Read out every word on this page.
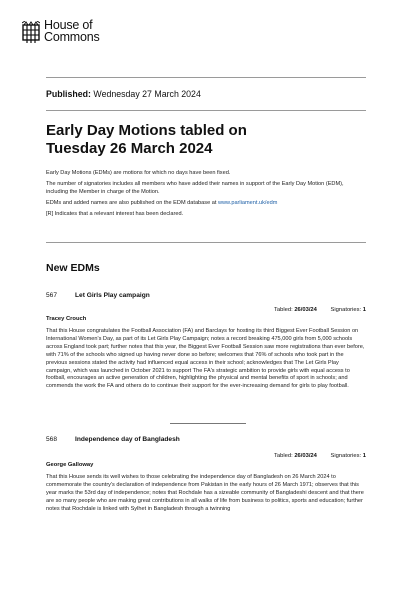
House of
Commons
Published: Wednesday 27 March 2024
Early Day Motions tabled on
Tuesday 26 March 2024

Early Day Motions (EDMs) are motions for which no days have been fixed.

The number of signatories includes all members who have added their names in support of the Early Day Motion (EDM), including the Member in charge of the Motion.

EDMs and added names are also published on the EDM database at www.parliament.uk/edm

[R] Indicates that a relevant interest has been declared.

New EDMs
567	Let Girls Play campaign
Tabled: 26/03/24 Signatories: 1
Tracey Crouch
That this House congratulates the Football Association (FA) and Barclays for hosting its third Biggest Ever Football Session on International Women's Day, as part of its Let Girls Play Campaign; notes a record breaking 475,000 girls from 5,000 schools across England took part; further notes that this year, the Biggest Ever Football Session saw more registrations than ever before, with 71% of the schools who signed up having never done so before; welcomes that 76% of schools who took part in the previous sessions stated the activity had influenced equal access in their school; acknowledges that The Let Girls Play campaign, which was launched in October 2021 to support The FA's strategic ambition to provide girls with equal access to football, encourages an active generation of children, highlighting the physical and mental benefits of sport in schools; and commends the work the FA and others do to continue their support for the ever-increasing demand for girls to play football.
568	Independence day of Bangladesh
Tabled: 26/03/24 Signatories: 1
George Galloway
That this House sends its well wishes to those celebrating the independence day of Bangladesh on 26 March 2024 to commemorate the country's declaration of independence from Pakistan in the early hours of 26 March 1971; observes that this year marks the 53rd day of independence; notes that Rochdale has a sizeable community of Bangladeshi descent and that there are so many people who are making great contributions in all walks of life from business to politics, sports and education; further notes that Rochdale is linked with Sylhet in Bangladesh through a twinning
